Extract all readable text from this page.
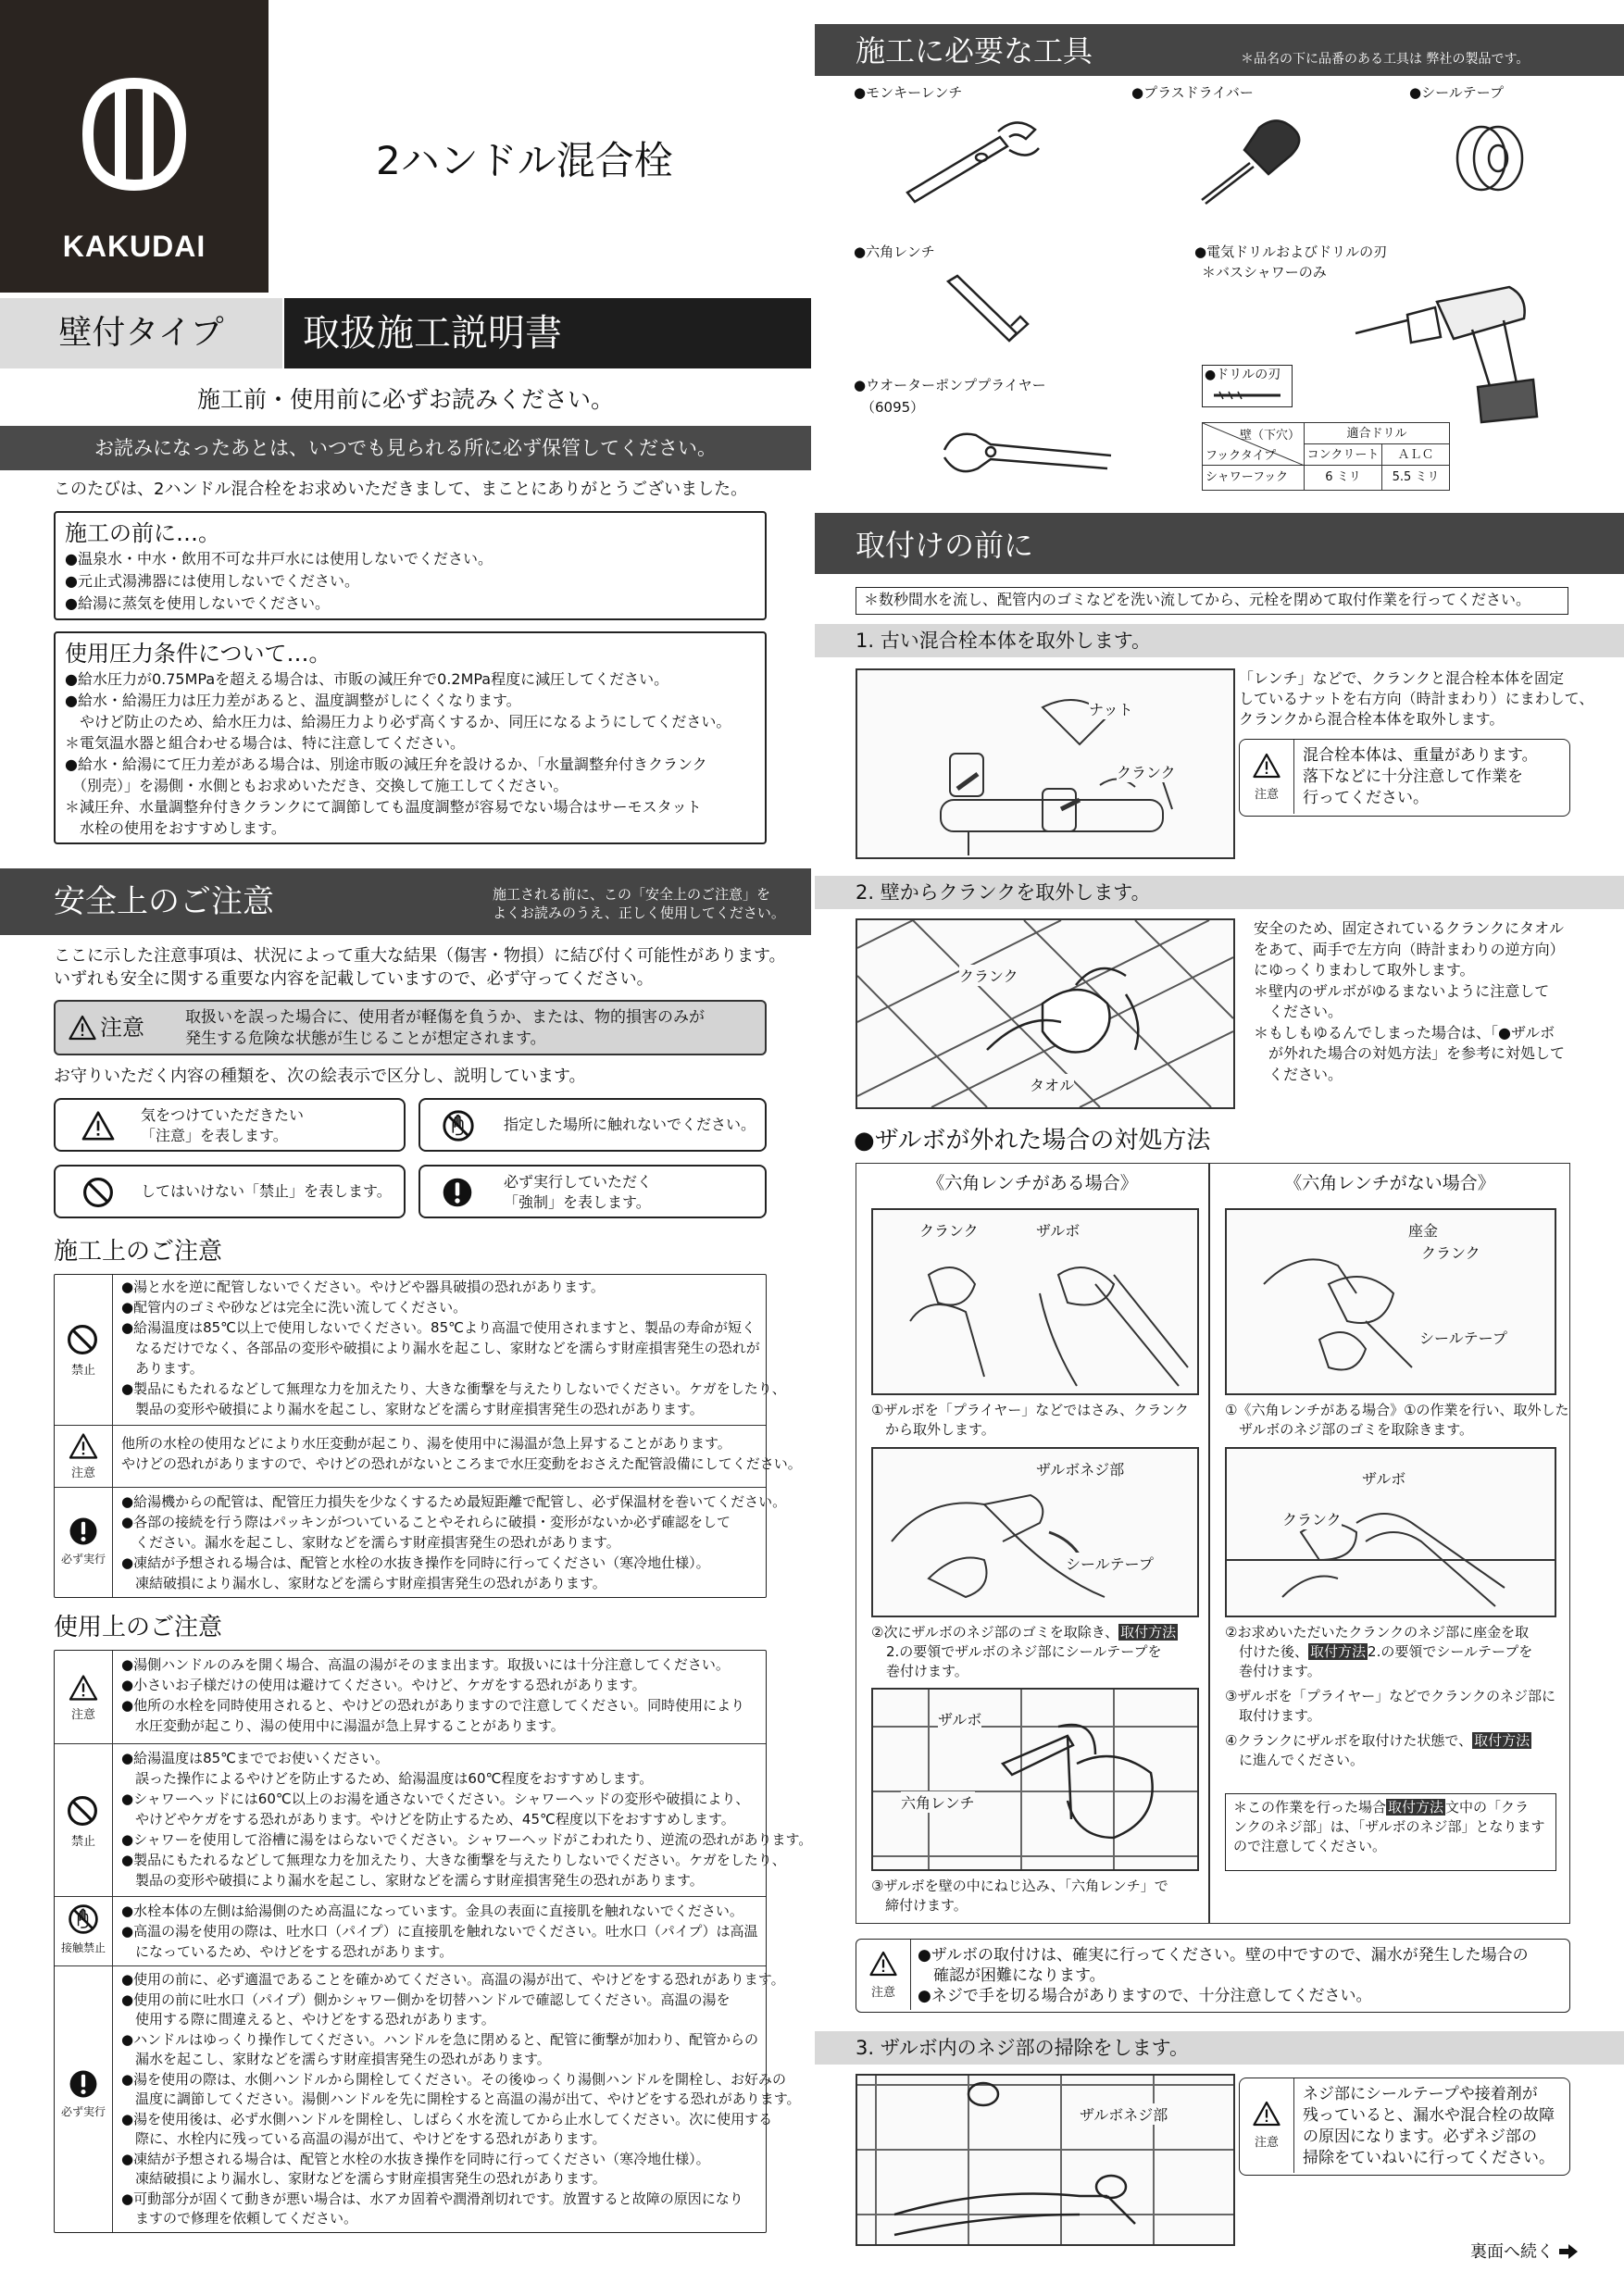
KAKUDAI
2ハンドル混合栓
壁付タイプ	取扱施工説明書
施工前・使用前に必ずお読みください。
お読みになったあとは、いつでも見られる所に必ず保管してください。
このたびは、2ハンドル混合栓をお求めいただきまして、まことにありがとうございました。
施工の前に…。
●温泉水・中水・飲用不可な井戸水には使用しないでください。
●元止式湯沸器には使用しないでください。
●給湯に蒸気を使用しないでください。
使用圧力条件について…。
●給水圧力が0.75MPaを超える場合は、市販の減圧弁で0.2MPa程度に減圧してください。
●給水・給湯圧力は圧力差があると、温度調整がしにくくなります。
　やけど防止のため、給水圧力は、給湯圧力より必ず高くするか、同圧になるようにしてください。
＊電気温水器と組合わせる場合は、特に注意してください。
●給水・給湯にて圧力差がある場合は、別途市販の減圧弁を設けるか、「水量調整弁付きクランク
　（別売）」を湯側・水側ともお求めいただき、交換して施工してください。
＊減圧弁、水量調整弁付きクランクにて調節しても温度調整が容易でない場合はサーモスタット
　水栓の使用をおすすめします。
安全上のご注意	施工される前に、この「安全上のご注意」を
よくお読みのうえ、正しく使用してください。
ここに示した注意事項は、状況によって重大な結果（傷害・物損）に結び付く可能性があります。
いずれも安全に関する重要な内容を記載していますので、必ず守ってください。
注意	取扱いを誤った場合に、使用者が軽傷を負うか、または、物的損害のみが
発生する危険な状態が生じることが想定されます。
お守りいただく内容の種類を、次の絵表示で区分し、説明しています。
気をつけていただきたい
「注意」を表します。
指定した場所に触れないでください。
してはいけない「禁止」を表します。
必ず実行していただく
「強制」を表します。
施工上のご注意
禁止
●湯と水を逆に配管しないでください。やけどや器具破損の恐れがあります。
●配管内のゴミや砂などは完全に洗い流してください。
●給湯温度は85℃以上で使用しないでください。85℃より高温で使用されますと、製品の寿命が短く
　なるだけでなく、各部品の変形や破損により漏水を起こし、家財などを濡らす財産損害発生の恐れが
　あります。
●製品にもたれるなどして無理な力を加えたり、大きな衝撃を与えたりしないでください。ケガをしたり、
　製品の変形や破損により漏水を起こし、家財などを濡らす財産損害発生の恐れがあります。
注意
他所の水栓の使用などにより水圧変動が起こり、湯を使用中に湯温が急上昇することがあります。
やけどの恐れがありますので、やけどの恐れがないところまで水圧変動をおさえた配管設備にしてください。
必ず実行
●給湯機からの配管は、配管圧力損失を少なくするため最短距離で配管し、必ず保温材を巻いてください。
●各部の接続を行う際はパッキンがついていることやそれらに破損・変形がないか必ず確認をして
　ください。漏水を起こし、家財などを濡らす財産損害発生の恐れがあります。
●凍結が予想される場合は、配管と水栓の水抜き操作を同時に行ってください（寒冷地仕様）。
　凍結破損により漏水し、家財などを濡らす財産損害発生の恐れがあります。
使用上のご注意
注意
●湯側ハンドルのみを開く場合、高温の湯がそのまま出ます。取扱いには十分注意してください。
●小さいお子様だけの使用は避けてください。やけど、ケガをする恐れがあります。
●他所の水栓を同時使用されると、やけどの恐れがありますので注意してください。同時使用により
　水圧変動が起こり、湯の使用中に湯温が急上昇することがあります。
禁止
●給湯温度は85℃まででお使いください。
　誤った操作によるやけどを防止するため、給湯温度は60℃程度をおすすめします。
●シャワーヘッドには60℃以上のお湯を通さないでください。シャワーヘッドの変形や破損により、
　やけどやケガをする恐れがあります。やけどを防止するため、45℃程度以下をおすすめします。
●シャワーを使用して浴槽に湯をはらないでください。シャワーヘッドがこわれたり、逆流の恐れがあります。
●製品にもたれるなどして無理な力を加えたり、大きな衝撃を与えたりしないでください。ケガをしたり、
　製品の変形や破損により漏水を起こし、家財などを濡らす財産損害発生の恐れがあります。
接触禁止
●水栓本体の左側は給湯側のため高温になっています。金具の表面に直接肌を触れないでください。
●高温の湯を使用の際は、吐水口（パイプ）に直接肌を触れないでください。吐水口（パイプ）は高温
　になっているため、やけどをする恐れがあります。
必ず実行
●使用の前に、必ず適温であることを確かめてください。高温の湯が出て、やけどをする恐れがあります。
●使用の前に吐水口（パイプ）側かシャワー側かを切替ハンドルで確認してください。高温の湯を
　使用する際に間違えると、やけどをする恐れがあります。
●ハンドルはゆっくり操作してください。ハンドルを急に閉めると、配管に衝撃が加わり、配管からの
　漏水を起こし、家財などを濡らす財産損害発生の恐れがあります。
●湯を使用の際は、水側ハンドルから開栓してください。その後ゆっくり湯側ハンドルを開栓し、お好みの
　温度に調節してください。湯側ハンドルを先に開栓すると高温の湯が出て、やけどをする恐れがあります。
●湯を使用後は、必ず水側ハンドルを開栓し、しばらく水を流してから止水してください。次に使用する
　際に、水栓内に残っている高温の湯が出て、やけどをする恐れがあります。
●凍結が予想される場合は、配管と水栓の水抜き操作を同時に行ってください（寒冷地仕様）。
　凍結破損により漏水し、家財などを濡らす財産損害発生の恐れがあります。
●可動部分が固くて動きが悪い場合は、水アカ固着や潤滑剤切れです。放置すると故障の原因になり
　ますので修理を依頼してください。
施工に必要な工具	＊品名の下に品番のある工具は 弊社の製品です。
●モンキーレンチ	●プラスドライバー	●シールテープ
●六角レンチ	●電気ドリルおよびドリルの刃
＊バスシャワーのみ
●ウオーターポンププライヤー
（6095）
●ドリルの刃
壁（下穴）
フックタイプ
適合ドリル
コンクリート	ＡＬＣ
シャワーフック	6 ミリ	5.5 ミリ
取付けの前に
＊数秒間水を流し、配管内のゴミなどを洗い流してから、元栓を閉めて取付作業を行ってください。
1. 古い混合栓本体を取外します。
ナット
クランク
「レンチ」などで、クランクと混合栓本体を固定
しているナットを右方向（時計まわり）にまわして、
クランクから混合栓本体を取外します。
注意
混合栓本体は、重量があります。
落下などに十分注意して作業を
行ってください。
2. 壁からクランクを取外します。
クランク
タオル
安全のため、固定されているクランクにタオル
をあて、両手で左方向（時計まわりの逆方向）
にゆっくりまわして取外します。
＊壁内のザルボがゆるまないように注意して
　ください。
＊もしもゆるんでしまった場合は、「●ザルボ
　が外れた場合の対処方法」を参考に対処して
　ください。
●ザルボが外れた場合の対処方法
《六角レンチがある場合》	《六角レンチがない場合》
クランク	ザルボ
①ザルボを「プライヤー」などではさみ、クランク
　から取外します。
ザルボネジ部
シールテープ
②次にザルボのネジ部のゴミを取除き、 取付方法
2.の要領でザルボのネジ部にシールテープを
巻付けます。
ザルボ
六角レンチ
③ザルボを壁の中にねじ込み、「六角レンチ」で
　締付けます。
座金
クランク
シールテープ
①《六角レンチがある場合》①の作業を行い、取外した
　ザルボのネジ部のゴミを取除きます。
ザルボ
クランク
②お求めいただいたクランクのネジ部に座金を取
　付けた後、 取付方法 2.の要領でシールテープを
　巻付けます。
③ザルボを「プライヤー」などでクランクのネジ部に
　取付けます。
④クランクにザルボを取付けた状態で、 取付方法
　に進んでください。
＊この作業を行った場合 取付方法 文中の「クラ
ンクのネジ部」は、「ザルボのネジ部」となります
ので注意してください。
注意
●ザルボの取付けは、確実に行ってください。壁の中ですので、漏水が発生した場合の
　確認が困難になります。
●ネジで手を切る場合がありますので、十分注意してください。
3. ザルボ内のネジ部の掃除をします。
ザルボネジ部
注意
ネジ部にシールテープや接着剤が
残っていると、漏水や混合栓の故障
の原因になります。必ずネジ部の
掃除をていねいに行ってください。
裏面へ続く
